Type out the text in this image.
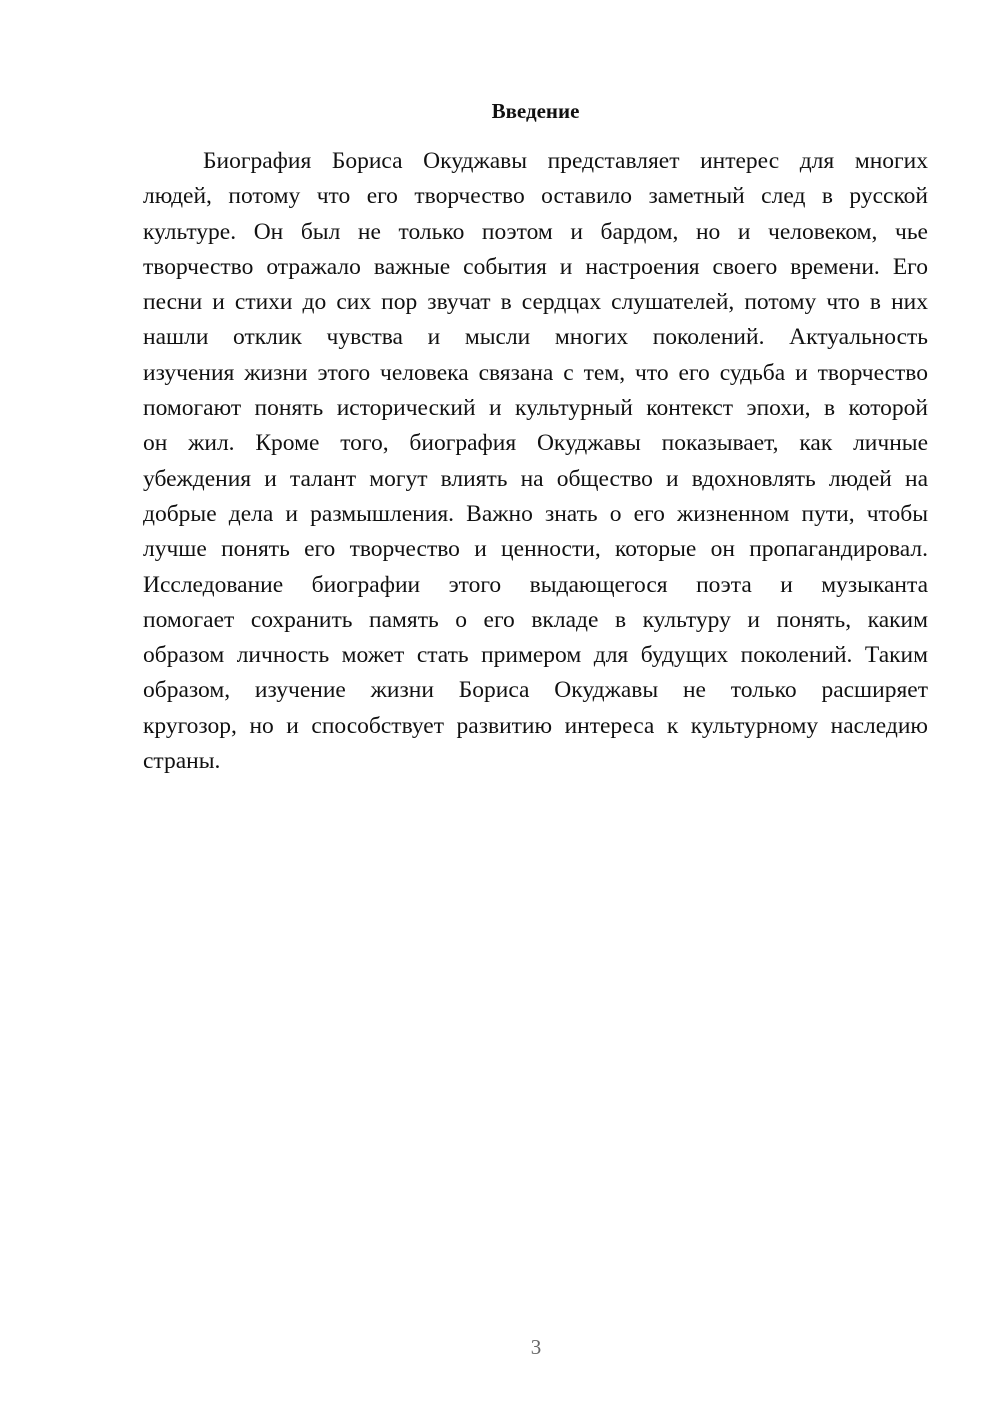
Введение
Биография Бориса Окуджавы представляет интерес для многих
людей, потому что его творчество оставило заметный след в русской
культуре. Он был не только поэтом и бардом, но и человеком, чье
творчество отражало важные события и настроения своего времени. Его
песни и стихи до сих пор звучат в сердцах слушателей, потому что в них
нашли отклик чувства и мысли многих поколений. Актуальность
изучения жизни этого человека связана с тем, что его судьба и творчество
помогают понять исторический и культурный контекст эпохи, в которой
он жил. Кроме того, биография Окуджавы показывает, как личные
убеждения и талант могут влиять на общество и вдохновлять людей на
добрые дела и размышления. Важно знать о его жизненном пути, чтобы
лучше понять его творчество и ценности, которые он пропагандировал.
Исследование биографии этого выдающегося поэта и музыканта
помогает сохранить память о его вкладе в культуру и понять, каким
образом личность может стать примером для будущих поколений. Таким
образом, изучение жизни Бориса Окуджавы не только расширяет
кругозор, но и способствует развитию интереса к культурному наследию
страны.
3
